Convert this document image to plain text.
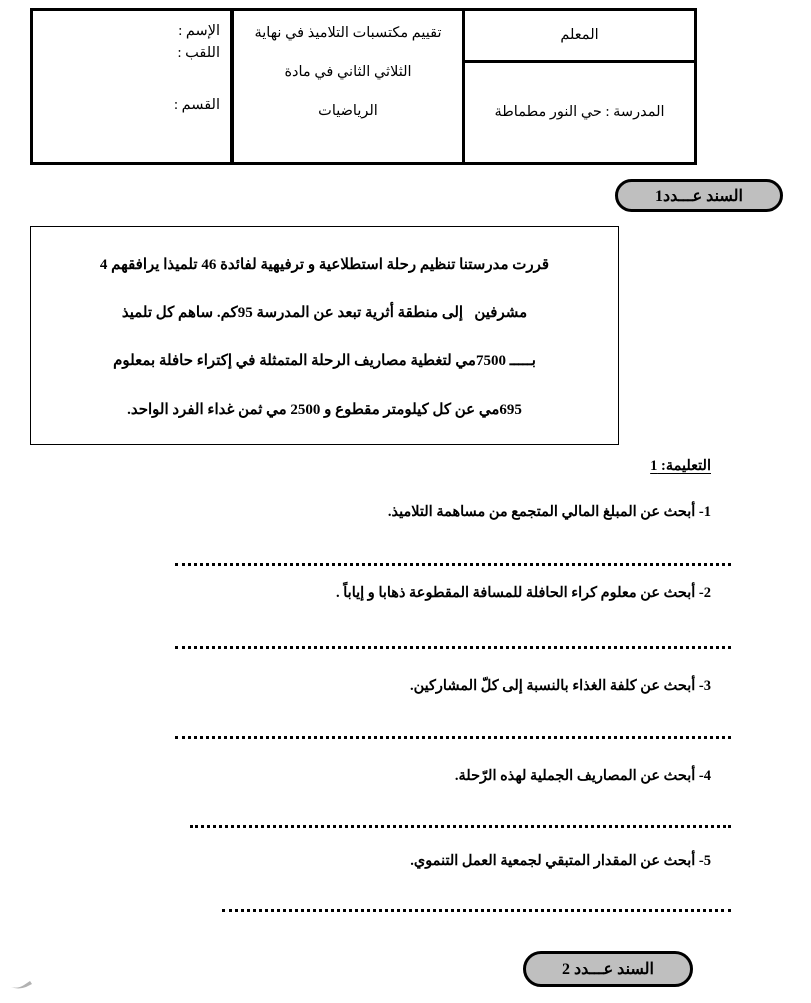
المعلم
المدرسة : حي النور مطماطة
تقييم مكتسبات التلاميذ في نهاية
الثلاثي الثاني في مادة
الرياضيات
الإسم :
اللقب :
القسم :
السند عـــدد1
قررت مدرستنا تنظيم رحلة استطلاعية و ترفيهية لفائدة 46 تلميذا يرافقهم 4
مشرفين   إلى منطقة أثرية تبعد عن المدرسة 95كم. ساهم كل تلميذ
بـــــ 7500مي لتغطية مصاريف الرحلة المتمثلة في إكتراء حافلة بمعلوم
695مي عن كل كيلومتر مقطوع و 2500 مي ثمن غداء الفرد الواحد.
التعليمة: 1
1- أبحث عن المبلغ المالي المتجمع من مساهمة التلاميذ.
2- أبحث عن معلوم كراء الحافلة للمسافة المقطوعة ذهابا و إياباً .
3- أبحث عن كلفة الغذاء بالنسبة إلى كلّ المشاركين.
4- أبحث عن المصاريف الجملية لهذه الرّحلة.
5- أبحث عن المقدار المتبقي لجمعية العمل التنموي.
السند عـــدد 2
